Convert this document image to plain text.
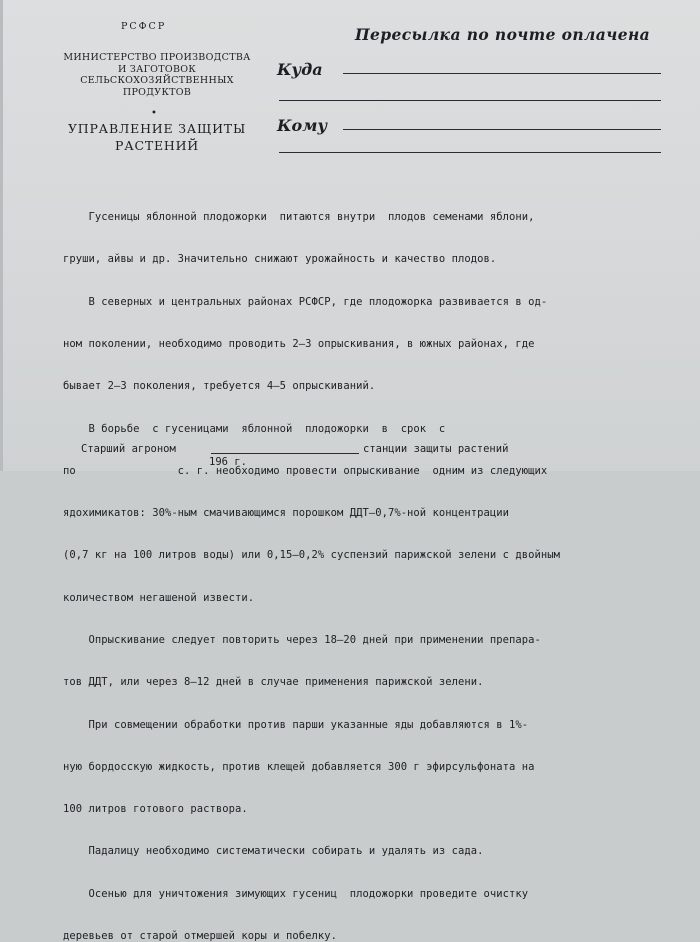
РСФСР
МИНИСТЕРСТВО ПРОИЗВОДСТВА И ЗАГОТОВОК СЕЛЬСКОХОЗЯЙСТВЕННЫХ ПРОДУКТОВ
•
УПРАВЛЕНИЕ ЗАЩИТЫ РАСТЕНИЙ
Пересылка по почте оплачена
Куда
Кому

Гусеницы яблонной плодожорки  питаются внутри  плодов семенами яблони,

груши, айвы и др. Значительно снижают урожайность и качество плодов.

В северных и центральных районах РСФСР, где плодожорка развивается в од-

ном поколении, необходимо проводить 2—3 опрыскивания, в южных районах, где

бывает 2—3 поколения, требуется 4—5 опрыскиваний.

В борьбе  с гусеницами  яблонной  плодожорки  в  срок  с

по                с. г. необходимо провести опрыскивание  одним из следующих

ядохимикатов: 30%-ным смачивающимся порошком ДДТ—0,7%-ной концентрации

(0,7 кг на 100 литров воды) или 0,15—0,2% суспензий парижской зелени с двойным

количеством негашеной извести.

Опрыскивание следует повторить через 18—20 дней при применении препара-

тов ДДТ, или через 8—12 дней в случае применения парижской зелени.

При совмещении обработки против парши указанные яды добавляются в 1%-

ную бордосскую жидкость, против клещей добавляется 300 г эфирсульфоната на

100 литров готового раствора.

Падалицу необходимо систематически собирать и удалять из сада.

Осенью для уничтожения зимующих гусениц  плодожорки проведите очистку

деревьев от старой отмершей коры и побелку.

Старший агроном	станции защиты растений
196 г.
